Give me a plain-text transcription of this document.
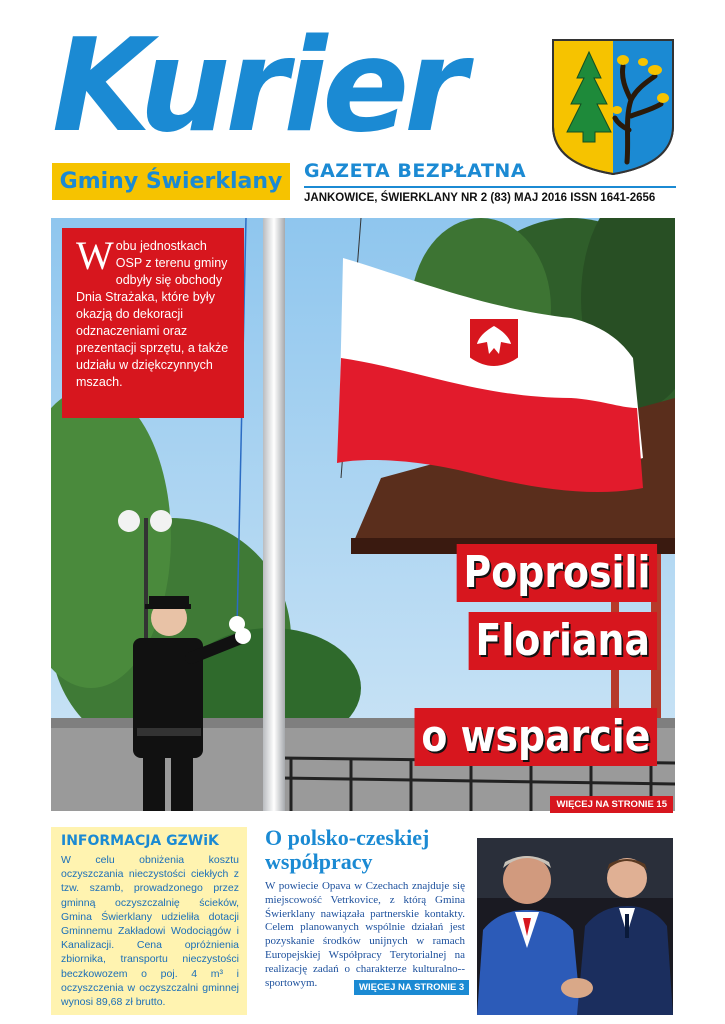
Kurier
Gminy Świerklany GAZETA BEZPŁATNA
JANKOWICE, ŚWIERKLANY NR 2 (83) MAJ 2016 ISSN 1641-2656
W obu jednostkach OSP z terenu gminy odbyły się obchody Dnia Strażaka, które były okazją do dekoracji odznaczeniami oraz prezentacji sprzętu, a także udziału w dziękczynnych mszach.
Poprosili
Floriana
o wsparcie
WIĘCEJ NA STRONIE 15
INFORMACJA GZWiK
W celu obniżenia kosztu oczyszczania nieczystości ciekłych z tzw. szamb, prowadzonego przez gminną oczyszczalnię ścieków, Gmina Świerklany udzieliła dotacji Gminnemu Zakładowi Wodociągów i Kanalizacji. Cena opróżnienia zbiornika, transportu nieczystości beczkowozem o poj. 4 m³ i oczyszczenia w oczyszczalni gminnej wynosi 89,68 zł brutto.
O polsko-czeskiej współpracy
W powiecie Opava w Czechach znajduje się miejscowość Vetrkovice, z którą Gmina Świerklany nawiązała partnerskie kontakty. Celem planowanych wspólnie działań jest pozyskanie środków unijnych w ramach Europejskiej Współpracy Terytorialnej na realizację zadań o charakterze kulturalno--sportowym.	WIĘCEJ NA STRONIE 3
